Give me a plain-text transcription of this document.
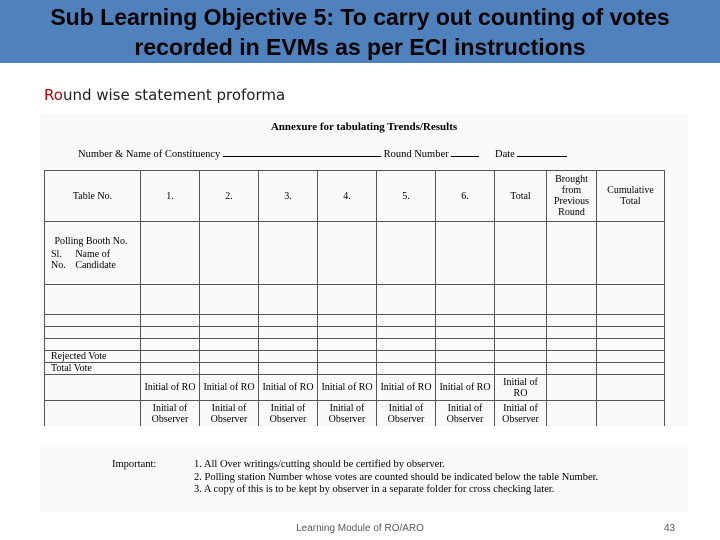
Sub Learning Objective 5: To carry out counting of votes
recorded in EVMs as per ECI instructions
Round wise statement proforma
Annexure for tabulating Trends/Results
Number & Name of Constituency	Round Number	Date
Table No.	1.	2.	3.	4.	5.	6.	Total	Brought from Previous Round	Cumulative Total

Polling Booth No.
Sl. No.
Name of Candidate									

Rejected Vote									
Total Vote									
	Initial of RO	Initial of RO	Initial of RO	Initial of RO	Initial of RO	Initial of RO	Initial of RO		
	Initial of Observer	Initial of Observer	Initial of Observer	Initial of Observer	Initial of Observer	Initial of Observer	Initial of Observer		
Important:	1. All Over writings/cutting should be certified by observer.
2. Polling station Number whose votes are counted should be indicated below the table Number.
3. A copy of this is to be kept by observer in a separate folder for cross checking later.
Learning Module of RO/ARO	43
